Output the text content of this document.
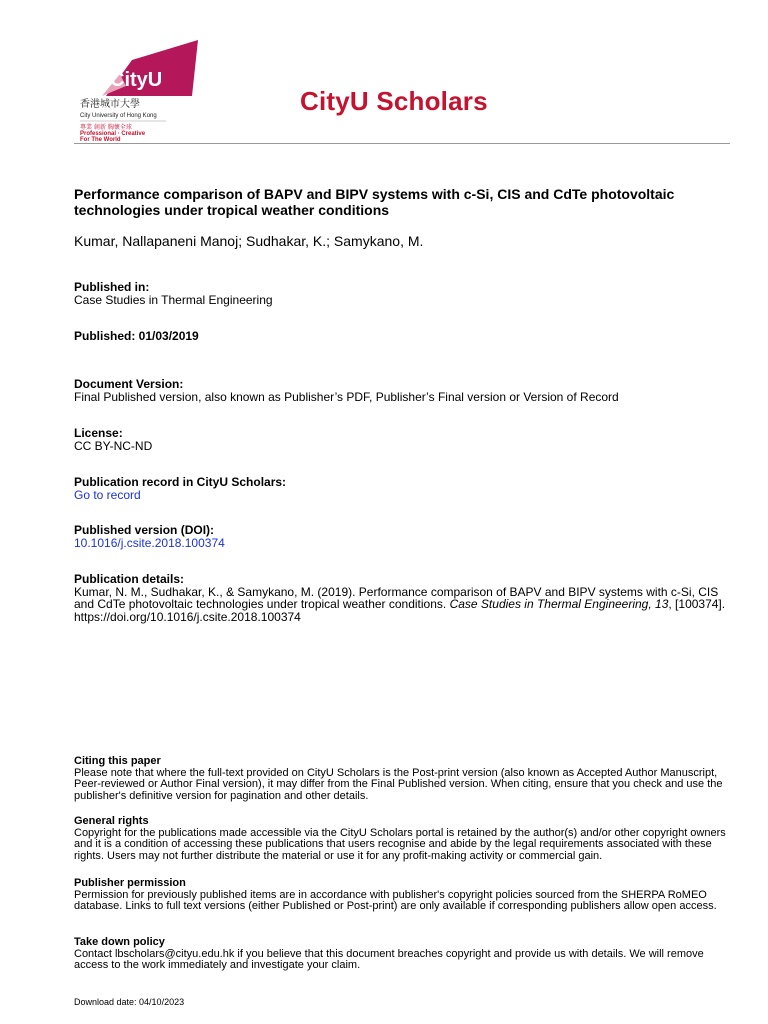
CityU
香港城市大學
City University of Hong Kong
專業 創新 胸懷全球
Professional · Creative
For The World
CityU Scholars
Performance comparison of BAPV and BIPV systems with c-Si, CIS and CdTe photovoltaic technologies under tropical weather conditions
Kumar, Nallapaneni Manoj; Sudhakar, K.; Samykano, M.
Published in:
Case Studies in Thermal Engineering
Published: 01/03/2019
Document Version:
Final Published version, also known as Publisher’s PDF, Publisher’s Final version or Version of Record
License:
CC BY-NC-ND
Publication record in CityU Scholars:
Go to record
Published version (DOI):
10.1016/j.csite.2018.100374
Publication details:
Kumar, N. M., Sudhakar, K., & Samykano, M. (2019). Performance comparison of BAPV and BIPV systems with c-Si, CIS and CdTe photovoltaic technologies under tropical weather conditions. Case Studies in Thermal Engineering, 13, [100374]. https://doi.org/10.1016/j.csite.2018.100374
Citing this paper
Please note that where the full-text provided on CityU Scholars is the Post-print version (also known as Accepted Author Manuscript, Peer-reviewed or Author Final version), it may differ from the Final Published version. When citing, ensure that you check and use the publisher's definitive version for pagination and other details.
General rights
Copyright for the publications made accessible via the CityU Scholars portal is retained by the author(s) and/or other copyright owners and it is a condition of accessing these publications that users recognise and abide by the legal requirements associated with these rights. Users may not further distribute the material or use it for any profit-making activity or commercial gain.
Publisher permission
Permission for previously published items are in accordance with publisher's copyright policies sourced from the SHERPA RoMEO database. Links to full text versions (either Published or Post-print) are only available if corresponding publishers allow open access.
Take down policy
Contact lbscholars@cityu.edu.hk if you believe that this document breaches copyright and provide us with details. We will remove access to the work immediately and investigate your claim.
Download date: 04/10/2023
